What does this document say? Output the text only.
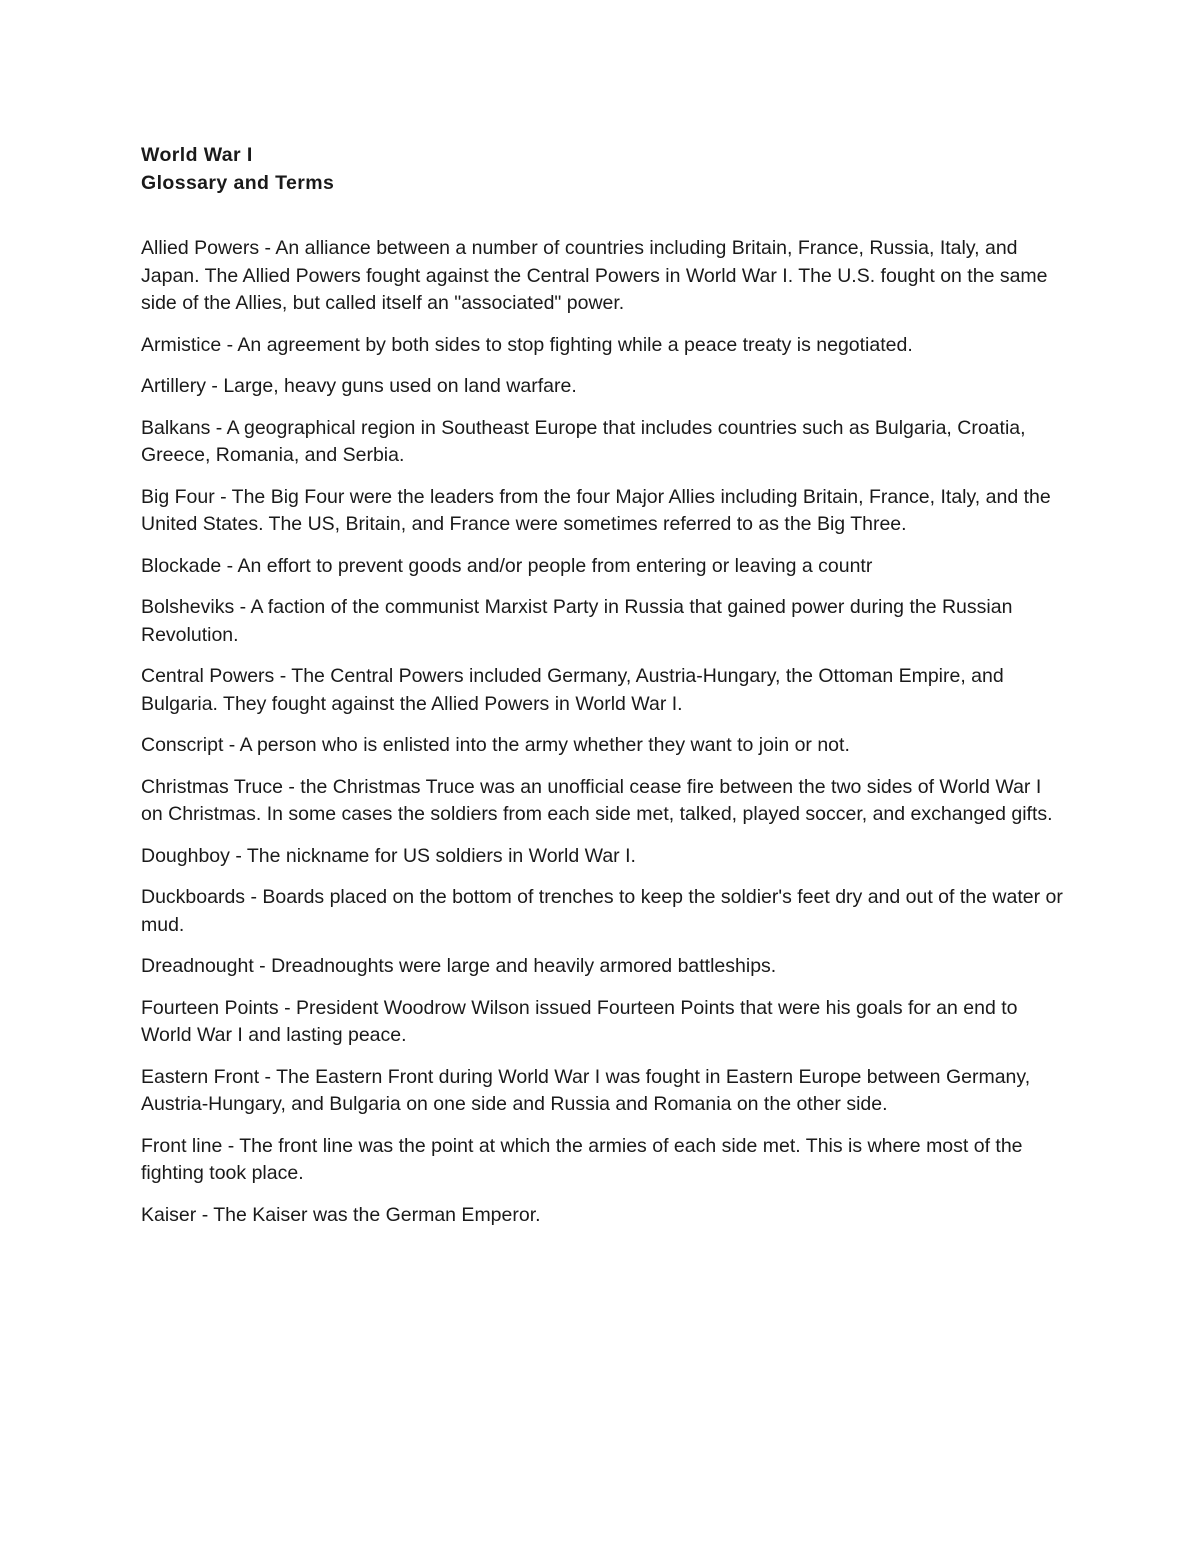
World War I

Glossary and Terms

Allied Powers - An alliance between a number of countries including Britain, France, Russia, Italy, and Japan. The Allied Powers fought against the Central Powers in World War I. The U.S. fought on the same side of the Allies, but called itself an "associated" power.

Armistice - An agreement by both sides to stop fighting while a peace treaty is negotiated.

Artillery - Large, heavy guns used on land warfare.

Balkans - A geographical region in Southeast Europe that includes countries such as Bulgaria, Croatia, Greece, Romania, and Serbia.

Big Four - The Big Four were the leaders from the four Major Allies including Britain, France, Italy, and the United States. The US, Britain, and France were sometimes referred to as the Big Three.

Blockade - An effort to prevent goods and/or people from entering or leaving a countr

Bolsheviks - A faction of the communist Marxist Party in Russia that gained power during the Russian Revolution.

Central Powers - The Central Powers included Germany, Austria-Hungary, the Ottoman Empire, and Bulgaria. They fought against the Allied Powers in World War I.

Conscript - A person who is enlisted into the army whether they want to join or not.

Christmas Truce - the Christmas Truce was an unofficial cease fire between the two sides of World War I on Christmas. In some cases the soldiers from each side met, talked, played soccer, and exchanged gifts.

Doughboy - The nickname for US soldiers in World War I.

Duckboards - Boards placed on the bottom of trenches to keep the soldier's feet dry and out of the water or mud.

Dreadnought - Dreadnoughts were large and heavily armored battleships.

Fourteen Points - President Woodrow Wilson issued Fourteen Points that were his goals for an end to World War I and lasting peace.

Eastern Front - The Eastern Front during World War I was fought in Eastern Europe between Germany, Austria-Hungary, and Bulgaria on one side and Russia and Romania on the other side.

Front line - The front line was the point at which the armies of each side met. This is where most of the fighting took place.

Kaiser - The Kaiser was the German Emperor.
